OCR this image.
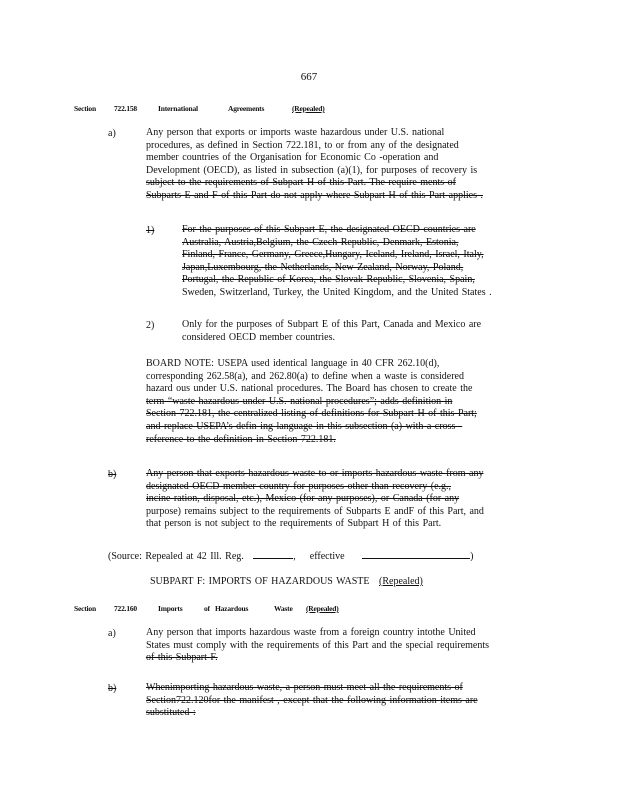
667
Section 722.158	International	Agreements	(Repealed)
a)	Any person that exports or imports waste hazardous under U.S. national
procedures, as defined in Section 722.181, to or from any of the designated
member countries of the Organisation for Economic Co -operation and
Development (OECD), as listed in subsection (a)(1), for purposes of recovery is
subject to the requirements of Subpart H of this Part. The require ments of
Subparts E and F of this Part do not apply where Subpart H of this Part applies .
1)	For the purposes of this Subpart E, the designated OECD countries are
Australia, Austria,Belgium, the Czech Republic, Denmark, Estonia,
Finland, France, Germany, Greece,Hungary, Iceland, Ireland, Israel, Italy,
Japan,Luxembourg, the Netherlands, New Zealand, Norway, Poland,
Portugal, the Republic of Korea, the Slovak Republic, Slovenia, Spain,
Sweden, Switzerland, Turkey, the United Kingdom, and the United States .
2)	Only for the purposes of Subpart E of this Part, Canada and Mexico are
considered OECD member countries.
BOARD NOTE: USEPA used identical language in 40 CFR 262.10(d),
corresponding 262.58(a), and 262.80(a) to define when a waste is considered
hazard ous under U.S. national procedures. The Board has chosen to create the
term “waste hazardous under U.S. national procedures”; adds definition in
Section 722.181, the centralized listing of definitions for Subpart H of this Part;
and replace USEPA’s defin ing language in this subsection (a) with a cross -
reference to the definition in Section 722.181.
b)	Any person that exports hazardous waste to or imports hazardous waste from any
designated OECD member country for purposes other than recovery (e.g.,
incine ration, disposal, etc.), Mexico (for any purposes), or Canada (for any
purpose) remains subject to the requirements of Subparts E andF of this Part, and
that person is not subject to the requirements of Subpart H of this Part.
(Source: Repealed at 42 Ill. Reg.	,    effective	)
SUBPART F: IMPORTS OF HAZARDOUS WASTE (Repealed)
Section 722.160	Imports	of Hazardous	Waste (Repealed)
a)	Any person that imports hazardous waste from a foreign country intothe United
States must comply with the requirements of this Part and the special requirements
of this Subpart F.
b)	Whenimporting hazardous waste, a person must meet all the requirements of
Section722.120for the manifest , except that the following information items are
substituted :
